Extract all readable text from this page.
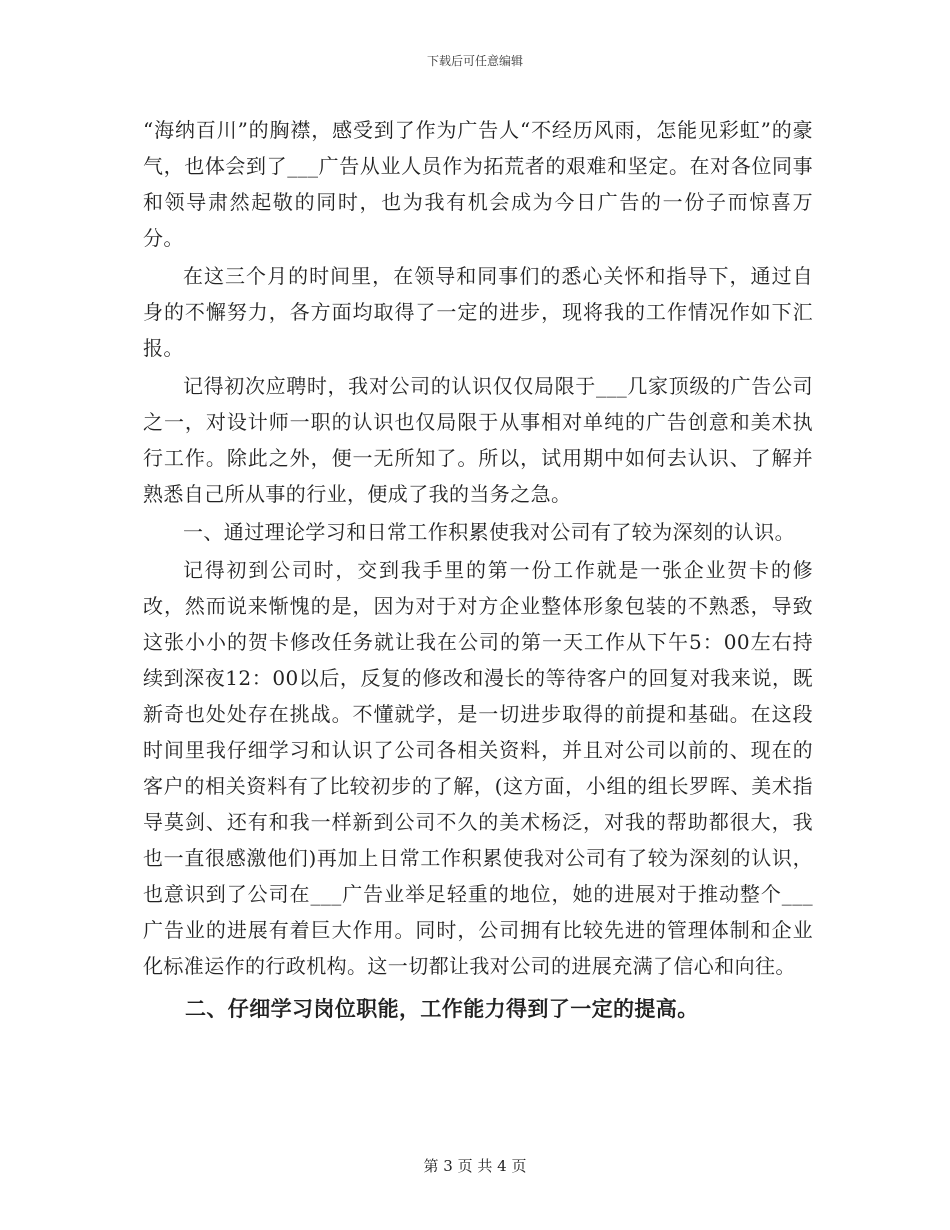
下载后可任意编辑

“海纳百川”的胸襟，感受到了作为广告人“不经历风雨，怎能见彩虹”的豪气，也体会到了___广告从业人员作为拓荒者的艰难和坚定。在对各位同事和领导肃然起敬的同时，也为我有机会成为今日广告的一份子而惊喜万分。

在这三个月的时间里，在领导和同事们的悉心关怀和指导下，通过自身的不懈努力，各方面均取得了一定的进步，现将我的工作情况作如下汇报。

记得初次应聘时，我对公司的认识仅仅局限于___几家顶级的广告公司之一，对设计师一职的认识也仅局限于从事相对单纯的广告创意和美术执行工作。除此之外，便一无所知了。所以，试用期中如何去认识、了解并熟悉自己所从事的行业，便成了我的当务之急。

一、通过理论学习和日常工作积累使我对公司有了较为深刻的认识。

记得初到公司时，交到我手里的第一份工作就是一张企业贺卡的修改，然而说来惭愧的是，因为对于对方企业整体形象包装的不熟悉，导致这张小小的贺卡修改任务就让我在公司的第一天工作从下午5：00左右持续到深夜12：00以后，反复的修改和漫长的等待客户的回复对我来说，既新奇也处处存在挑战。不懂就学，是一切进步取得的前提和基础。在这段时间里我仔细学习和认识了公司各相关资料，并且对公司以前的、现在的客户的相关资料有了比较初步的了解，(这方面，小组的组长罗晖、美术指导莫剑、还有和我一样新到公司不久的美术杨泛，对我的帮助都很大，我也一直很感激他们)再加上日常工作积累使我对公司有了较为深刻的认识，也意识到了公司在___广告业举足轻重的地位，她的进展对于推动整个___广告业的进展有着巨大作用。同时，公司拥有比较先进的管理体制和企业化标准运作的行政机构。这一切都让我对公司的进展充满了信心和向往。

二、仔细学习岗位职能，工作能力得到了一定的提高。

第 3 页 共 4 页
